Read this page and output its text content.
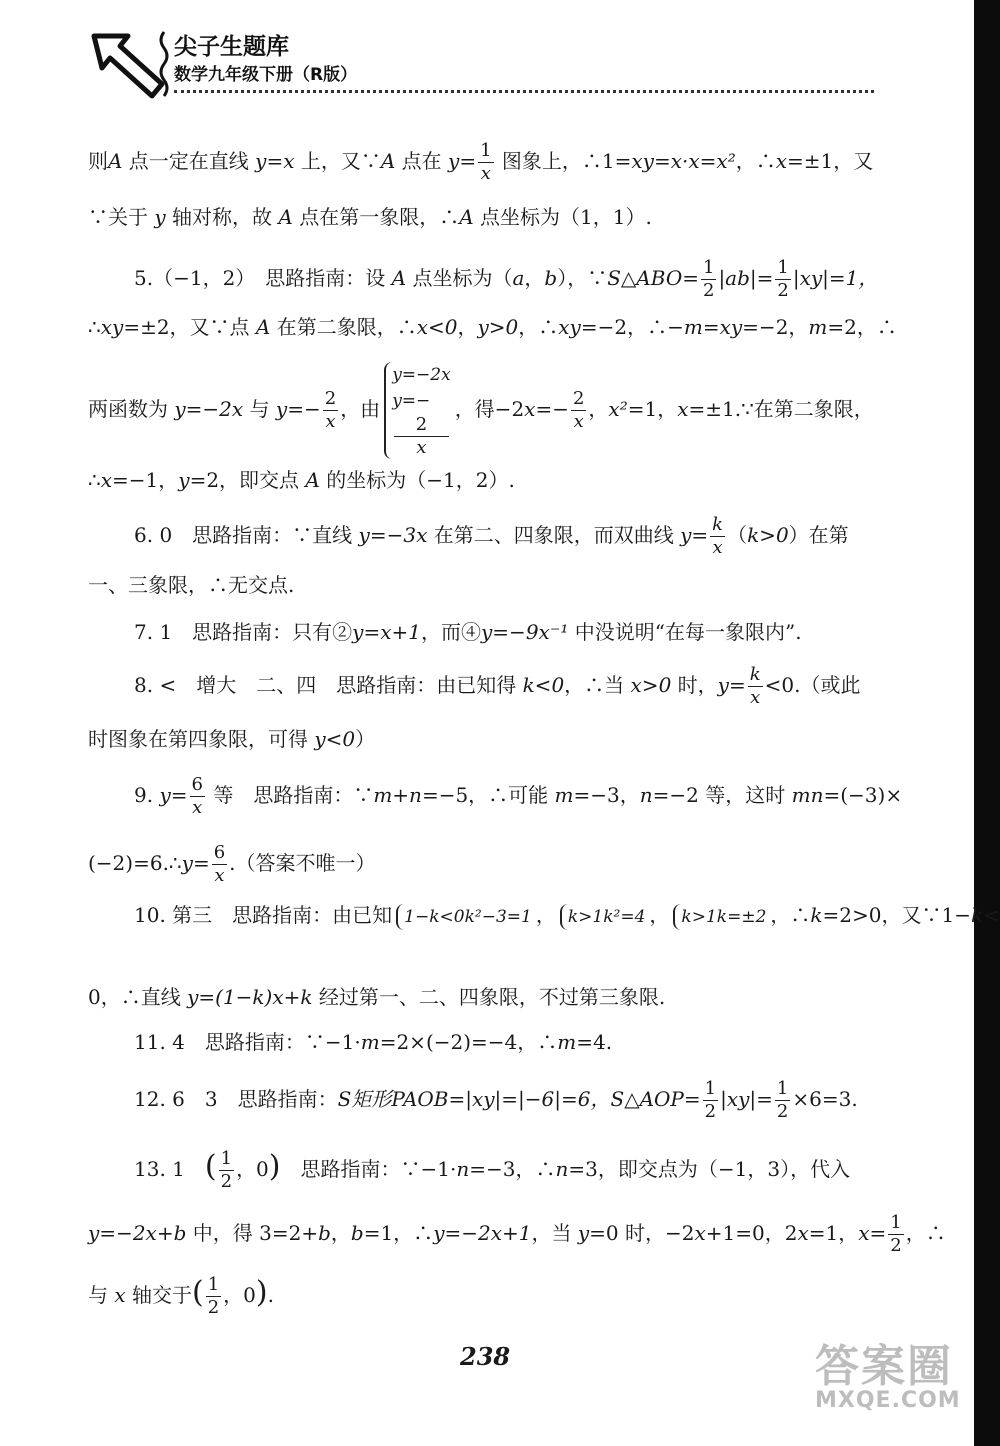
尖子生题库
数学九年级下册（R版）
则A 点一定在直线 y=x 上，又∵A 点在 $y= \frac{1}{x}$ 图象上，∴1=xy=x·x=x²，∴x=±1，又
∵关于 y 轴对称，故 A 点在第一象限，∴A 点坐标为（1，1）.
5.（−1，2）　思路指南：设 A 点坐标为（a，b），∵S△ABO= $\frac{1}{2} |ab|= \frac{1}{2} |xy|=1$，
∴xy=±2，又∵点 A 在第二象限，∴x<0，y>0，∴xy=−2，∴−m=xy=−2，m=2，∴
两函数为 y=−2x 与 $y=- \frac{2}{x}$ ，由y=−2x
y=−
2
x
，得$-2x=- \frac{2}{x}$ ，x²=1，x=±1.∵在第二象限，
∴x=−1，y=2，即交点 A 的坐标为（−1，2）.
6. 0　思路指南：∵直线 y=−3x 在第二、四象限，而双曲线 $y= \frac{k}{x} (k>0)$在第
一、三象限，∴无交点.
7. 1　思路指南：只有②y=x+1，而④y=−9x⁻¹ 中没说明“在每一象限内”.
8. <　增大　二、四　思路指南：由已知得 k<0，∴当 x>0 时，$y= \frac{k}{x} <0$.（或此
时图象在第四象限，可得 y<0）
9. $y= \frac{6}{x}$ 等　思路指南：∵m+n=−5，∴可能 m=−3，n=−2 等，这时 mn=(−3)×
(−2)=6.∴y= $\frac{6}{x}$ .（答案不唯一）
10. 第三　思路指南：由已知 1−k<0k²−3=1 ， k>1k²=4 ， k>1k=±2 ，∴k=2>0，又∵1−k<
0，∴直线 y=(1−k)x+k 经过第一、二、四象限，不过第三象限.
11. 4　思路指南：∵−1·m=2×(−2)=−4，∴m=4.
12. 6　3　思路指南：S矩形PAOB=|xy|=|−6|=6，S△AOP= $\frac{1}{2} |xy|= \frac{1}{2} \times 6=3$.
13. 1　( $\frac{1}{2}$ ，0)　思路指南：∵−1·n=−3，∴n=3，即交点为（−1，3），代入
y=−2x+b 中，得 3=2+b，b=1，∴y=−2x+1，当 y=0 时，−2x+1=0，2x=1，$x= \frac{1}{2}$ ，∴
与 x 轴交于( $\frac{1}{2}$ ，0).
238	答案圈
MXQE.COM
